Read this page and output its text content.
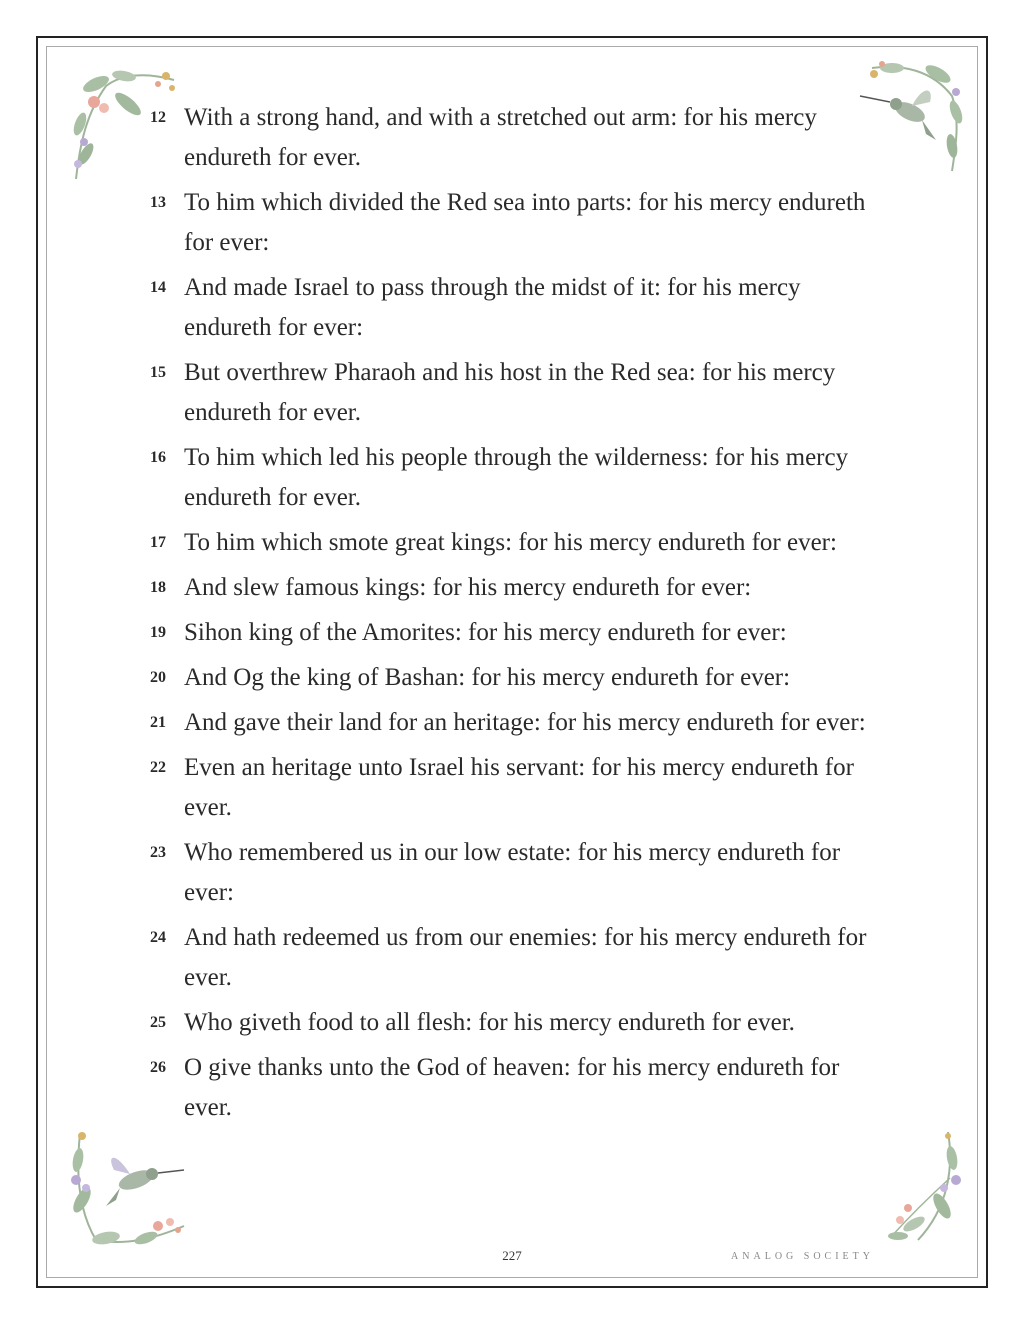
12 With a strong hand, and with a stretched out arm: for his mercy endureth for ever.
13 To him which divided the Red sea into parts: for his mercy endureth for ever:
14 And made Israel to pass through the midst of it: for his mercy endureth for ever:
15 But overthrew Pharaoh and his host in the Red sea: for his mercy endureth for ever.
16 To him which led his people through the wilderness: for his mercy endureth for ever.
17 To him which smote great kings: for his mercy endureth for ever:
18 And slew famous kings: for his mercy endureth for ever:
19 Sihon king of the Amorites: for his mercy endureth for ever:
20 And Og the king of Bashan: for his mercy endureth for ever:
21 And gave their land for an heritage: for his mercy endureth for ever:
22 Even an heritage unto Israel his servant: for his mercy endureth for ever.
23 Who remembered us in our low estate: for his mercy endureth for ever:
24 And hath redeemed us from our enemies: for his mercy endureth for ever.
25 Who giveth food to all flesh: for his mercy endureth for ever.
26 O give thanks unto the God of heaven: for his mercy endureth for ever.
227	ANALOG SOCIETY
